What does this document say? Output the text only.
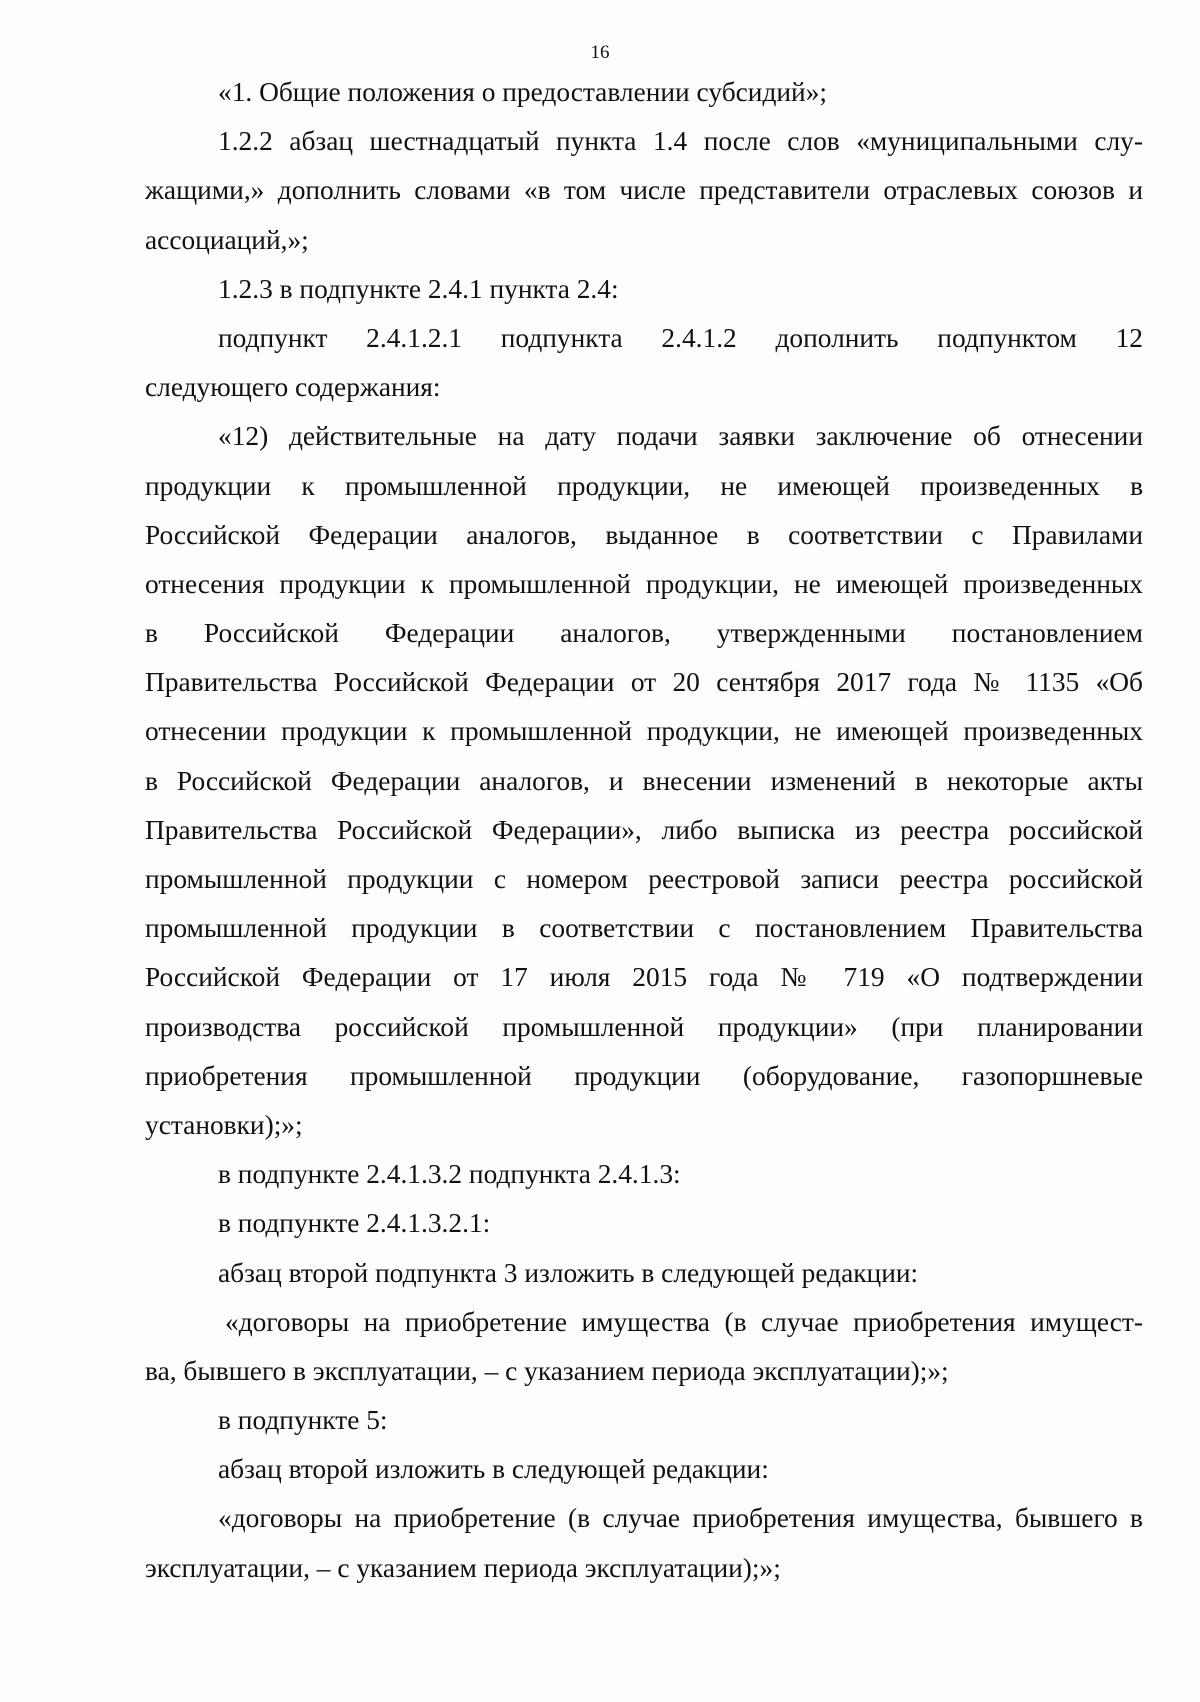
16
«1. Общие положения о предоставлении субсидий»;
1.2.2 абзац шестнадцатый пункта 1.4 после слов «муниципальными слу-
жащими,» дополнить словами «в том числе представители отраслевых союзов и
ассоциаций,»;
1.2.3 в подпункте 2.4.1 пункта 2.4:
подпункт 2.4.1.2.1 подпункта 2.4.1.2 дополнить подпунктом 12
следующего содержания:
«12) действительные на дату подачи заявки заключение об отнесении
продукции к промышленной продукции, не имеющей произведенных в
Российской Федерации аналогов, выданное в соответствии с Правилами
отнесения продукции к промышленной продукции, не имеющей произведенных
в Российской Федерации аналогов, утвержденными постановлением
Правительства Российской Федерации от 20 сентября 2017 года № 1135 «Об
отнесении продукции к промышленной продукции, не имеющей произведенных
в Российской Федерации аналогов, и внесении изменений в некоторые акты
Правительства Российской Федерации», либо выписка из реестра российской
промышленной продукции с номером реестровой записи реестра российской
промышленной продукции в соответствии с постановлением Правительства
Российской Федерации от 17 июля 2015 года № 719 «О подтверждении
производства российской промышленной продукции» (при планировании
приобретения промышленной продукции (оборудование, газопоршневые
установки);»;
в подпункте 2.4.1.3.2 подпункта 2.4.1.3:
в подпункте 2.4.1.3.2.1:
абзац второй подпункта 3 изложить в следующей редакции:
«договоры на приобретение имущества (в случае приобретения имущест-
ва, бывшего в эксплуатации, – с указанием периода эксплуатации);»;
в подпункте 5:
абзац второй изложить в следующей редакции:
«договоры на приобретение (в случае приобретения имущества, бывшего в
эксплуатации, – с указанием периода эксплуатации);»;
